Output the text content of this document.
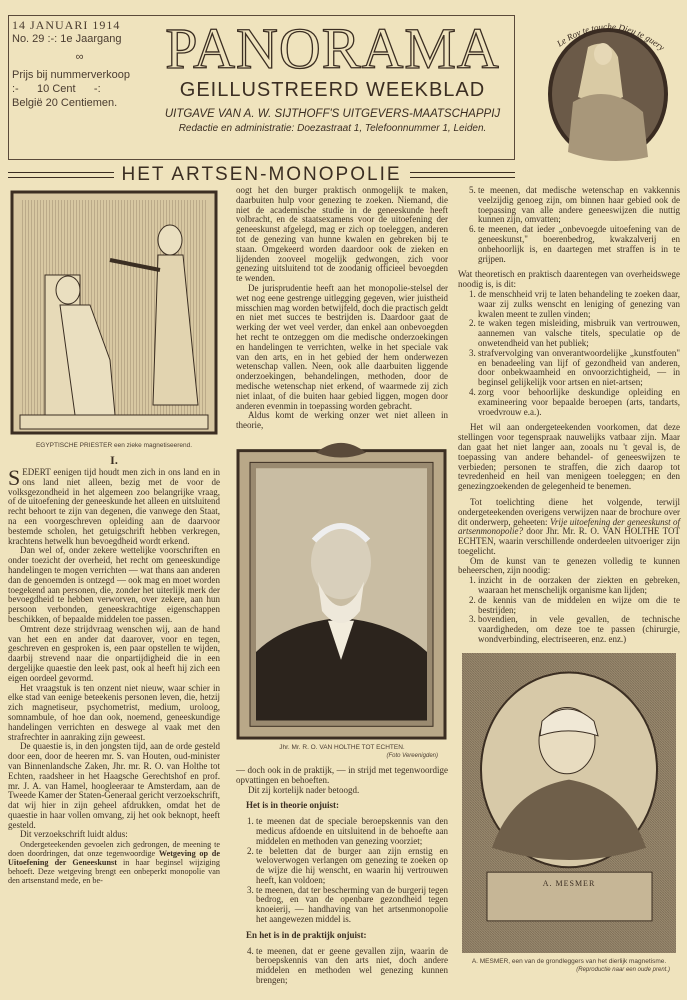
14 JANUARI 1914
No. 29 :-: 1e Jaargang
∞
Prijs bij nummerverkoop
:-      10 Cent      -:
België 20 Centiemen.
PANORAMA
GEILLUSTREERD WEEKBLAD
UITGAVE VAN A. W. SIJTHOFF'S UITGEVERS-MAATSCHAPPIJ
Redactie en administratie: Doezastraat 1, Telefoonnummer 1, Leiden.
Le Roy te touche Dieu te guery
HET ARTSEN-MONOPOLIE
EGYPTISCHE PRIESTER een zieke magnetiseerend.
I.

SEDERT eenigen tijd houdt men zich in ons land en in ons land niet alleen, bezig met de voor de volksgezondheid in het algemeen zoo belangrijke vraag, of de uitoefening der geneeskunde het alleen en uitsluitend recht behoort te zijn van degenen, die vanwege den Staat, na een voorgeschreven opleiding aan de daarvoor bestemde scholen, het getuigschrift hebben verkregen, krachtens hetwelk hun bevoegdheid wordt erkend.

Dan wel of, onder zekere wettelijke voorschriften en onder toezicht der overheid, het recht om geneeskundige handelingen te mogen verrichten — wat thans aan anderen dan de genoemden is ontzegd — ook mag en moet worden toegekend aan personen, die, zonder het uiterlijk merk der bevoegdheid te hebben verworven, over zekere, aan hun persoon verbonden, geneeskrachtige eigenschappen beschikken, of bepaalde middelen toe passen.

Omtrent deze strijdvraag wenschen wij, aan de hand van het een en ander dat daarover, voor en tegen, geschreven en gesproken is, een paar opstellen te wijden, daarbij strevend naar die onpartijdigheid die in een dergelijke quaestie den leek past, ook al heeft hij zich een eigen oordeel gevormd.

Het vraagstuk is ten onzent niet nieuw, waar schier in elke stad van eenige beteekenis personen leven, die, hetzij zich magnetiseur, psychometrist, medium, uroloog, somnambule, of hoe dan ook, noemend, geneeskundige handelingen verrichten en deswege al vaak met den strafrechter in aanraking zijn geweest.

De quaestie is, in den jongsten tijd, aan de orde gesteld door een, door de heeren mr. S. van Houten, oud-minister van Binnenlandsche Zaken, Jhr. mr. R. O. van Holthe tot Echten, raadsheer in het Haagsche Gerechtshof en prof. mr. J. A. van Hamel, hoogleeraar te Amsterdam, aan de Tweede Kamer der Staten-Generaal gericht verzoekschrift, dat wij hier in zijn geheel afdrukken, omdat het de quaestie in haar vollen omvang, zij het ook beknopt, heeft gesteld.

Dit verzoekschrift luidt aldus:

Ondergeteekenden gevoelen zich gedrongen, de meening te doen doordringen, dat onze tegenwoordige Wetgeving op de Uitoefening der Geneeskunst in haar beginsel wijziging behoeft. Deze wetgeving brengt een onbeperkt monopolie van den artsenstand mede, en be-

oogt het den burger praktisch onmogelijk te maken, daarbuiten hulp voor genezing te zoeken. Niemand, die niet de academische studie in de geneeskunde heeft volbracht, en de staatsexamens voor de uitoefening der geneeskunst afgelegd, mag er zich op toeleggen, anderen tot de genezing van hunne kwalen en gebreken bij te staan. Omgekeerd worden daardoor ook de zieken en lijdenden zooveel mogelijk gedwongen, zich voor genezing uitsluitend tot de zoodanig officieel bevoegden te wenden.

De jurisprudentie heeft aan het monopolie-stelsel der wet nog eene gestrenge uitlegging gegeven, wier juistheid misschien mag worden betwijfeld, doch die practisch geldt en niet met succes te bestrijden is. Daardoor gaat de werking der wet veel verder, dan enkel aan onbevoegden het recht te ontzeggen om die medische onderzoekingen en handelingen te verrichten, welke in het speciale vak van den arts, en in het gebied der hem onderwezen wetenschap vallen. Neen, ook alle daarbuiten liggende onderzoekingen, behandelingen, methoden, door de medische wetenschap niet erkend, of waarmede zij zich niet inlaat, of die buiten haar gebied liggen, mogen door anderen evenmin in toepassing worden gebracht.

Aldus komt de werking onzer wet niet alleen in theorie,

Jhr. Mr. R. O. VAN HOLTHE TOT ECHTEN.
(Foto Vereenigden)

— doch ook in de praktijk, — in strijd met tegenwoordige opvattingen en behoeften.

Dit zij kortelijk nader betoogd.

Het is in theorie onjuist:

1. te meenen dat de speciale beroepskennis van den medicus afdoende en uitsluitend in de behoefte aan middelen en methoden van genezing voorziet;
2. te beletten dat de burger aan zijn ernstig en weloverwogen verlangen om genezing te zoeken op de wijze die hij wenscht, en waarin hij vertrouwen heeft, kan voldoen;
3. te meenen, dat ter bescherming van de burgerij tegen bedrog, en van de openbare gezondheid tegen knoeierij, — handhaving van het artsenmonopolie het aangewezen middel is.

En het is in de praktijk onjuist:

4. te meenen, dat er geene gevallen zijn, waarin de beroepskennis van den arts niet, doch andere middelen en methoden wel genezing kunnen brengen;
5. te meenen, dat medische wetenschap en vakkennis veelzijdig genoeg zijn, om binnen haar gebied ook de toepassing van alle andere geneeswijzen die nuttig kunnen zijn, omvatten;
6. te meenen, dat ieder „onbevoegde uitoefening van de geneeskunst," boerenbedrog, kwakzalverij en onbehoorlijk is, en daartegen met straffen is in te grijpen.

Wat theoretisch en praktisch daarentegen van overheidswege noodig is, is dit:

1. de menschheid vrij te laten behandeling te zoeken daar, waar zij zulks wenscht en leniging of genezing van kwalen meent te zullen vinden;
2. te waken tegen misleiding, misbruik van vertrouwen, aannemen van valsche titels, speculatie op de onwetendheid van het publiek;
3. strafvervolging van onverantwoordelijke „kunstfouten" en benadeeling van lijf of gezondheid van anderen, door onbekwaamheid en onvoorzichtigheid, — in beginsel gelijkelijk voor artsen en niet-artsen;
4. zorg voor behoorlijke deskundige opleiding en examineering voor bepaalde beroepen (arts, tandarts, vroedvrouw e.a.).

Het wil aan ondergeteekenden voorkomen, dat deze stellingen voor tegenspraak nauwelijks vatbaar zijn. Maar dan gaat het niet langer aan, zooals nu 't geval is, de toepassing van andere behandel- of geneeswijzen te verbieden; personen te straffen, die zich daarop tot tevredenheid en heil van menigeen toeleggen; en den genezingzoekenden de gelegenheid te benemen.

Tot toelichting diene het volgende, terwijl ondergeteekenden overigens verwijzen naar de brochure over dit onderwerp, geheeten: Vrije uitoefening der geneeskunst of artsenmonopolie? door Jhr. Mr. R. O. VAN HOLTHE TOT ECHTEN, waarin verschillende onderdeelen uitvoeriger zijn toegelicht.

Om de kunst van te genezen volledig te kunnen beheerschen, zijn noodig:

1. inzicht in de oorzaken der ziekten en gebreken, waaraan het menschelijk organisme kan lijden;
2. de kennis van de middelen en wijze om die te bestrijden;
3. bovendien, in vele gevallen, de technische vaardigheden, om deze toe te passen (chirurgie, wondverbinding, electriseeren, enz. enz.)
A. MESMER
A. MESMER, een van de grondleggers van het dierlijk magnetisme.
(Reproductie naar een oude prent.)
